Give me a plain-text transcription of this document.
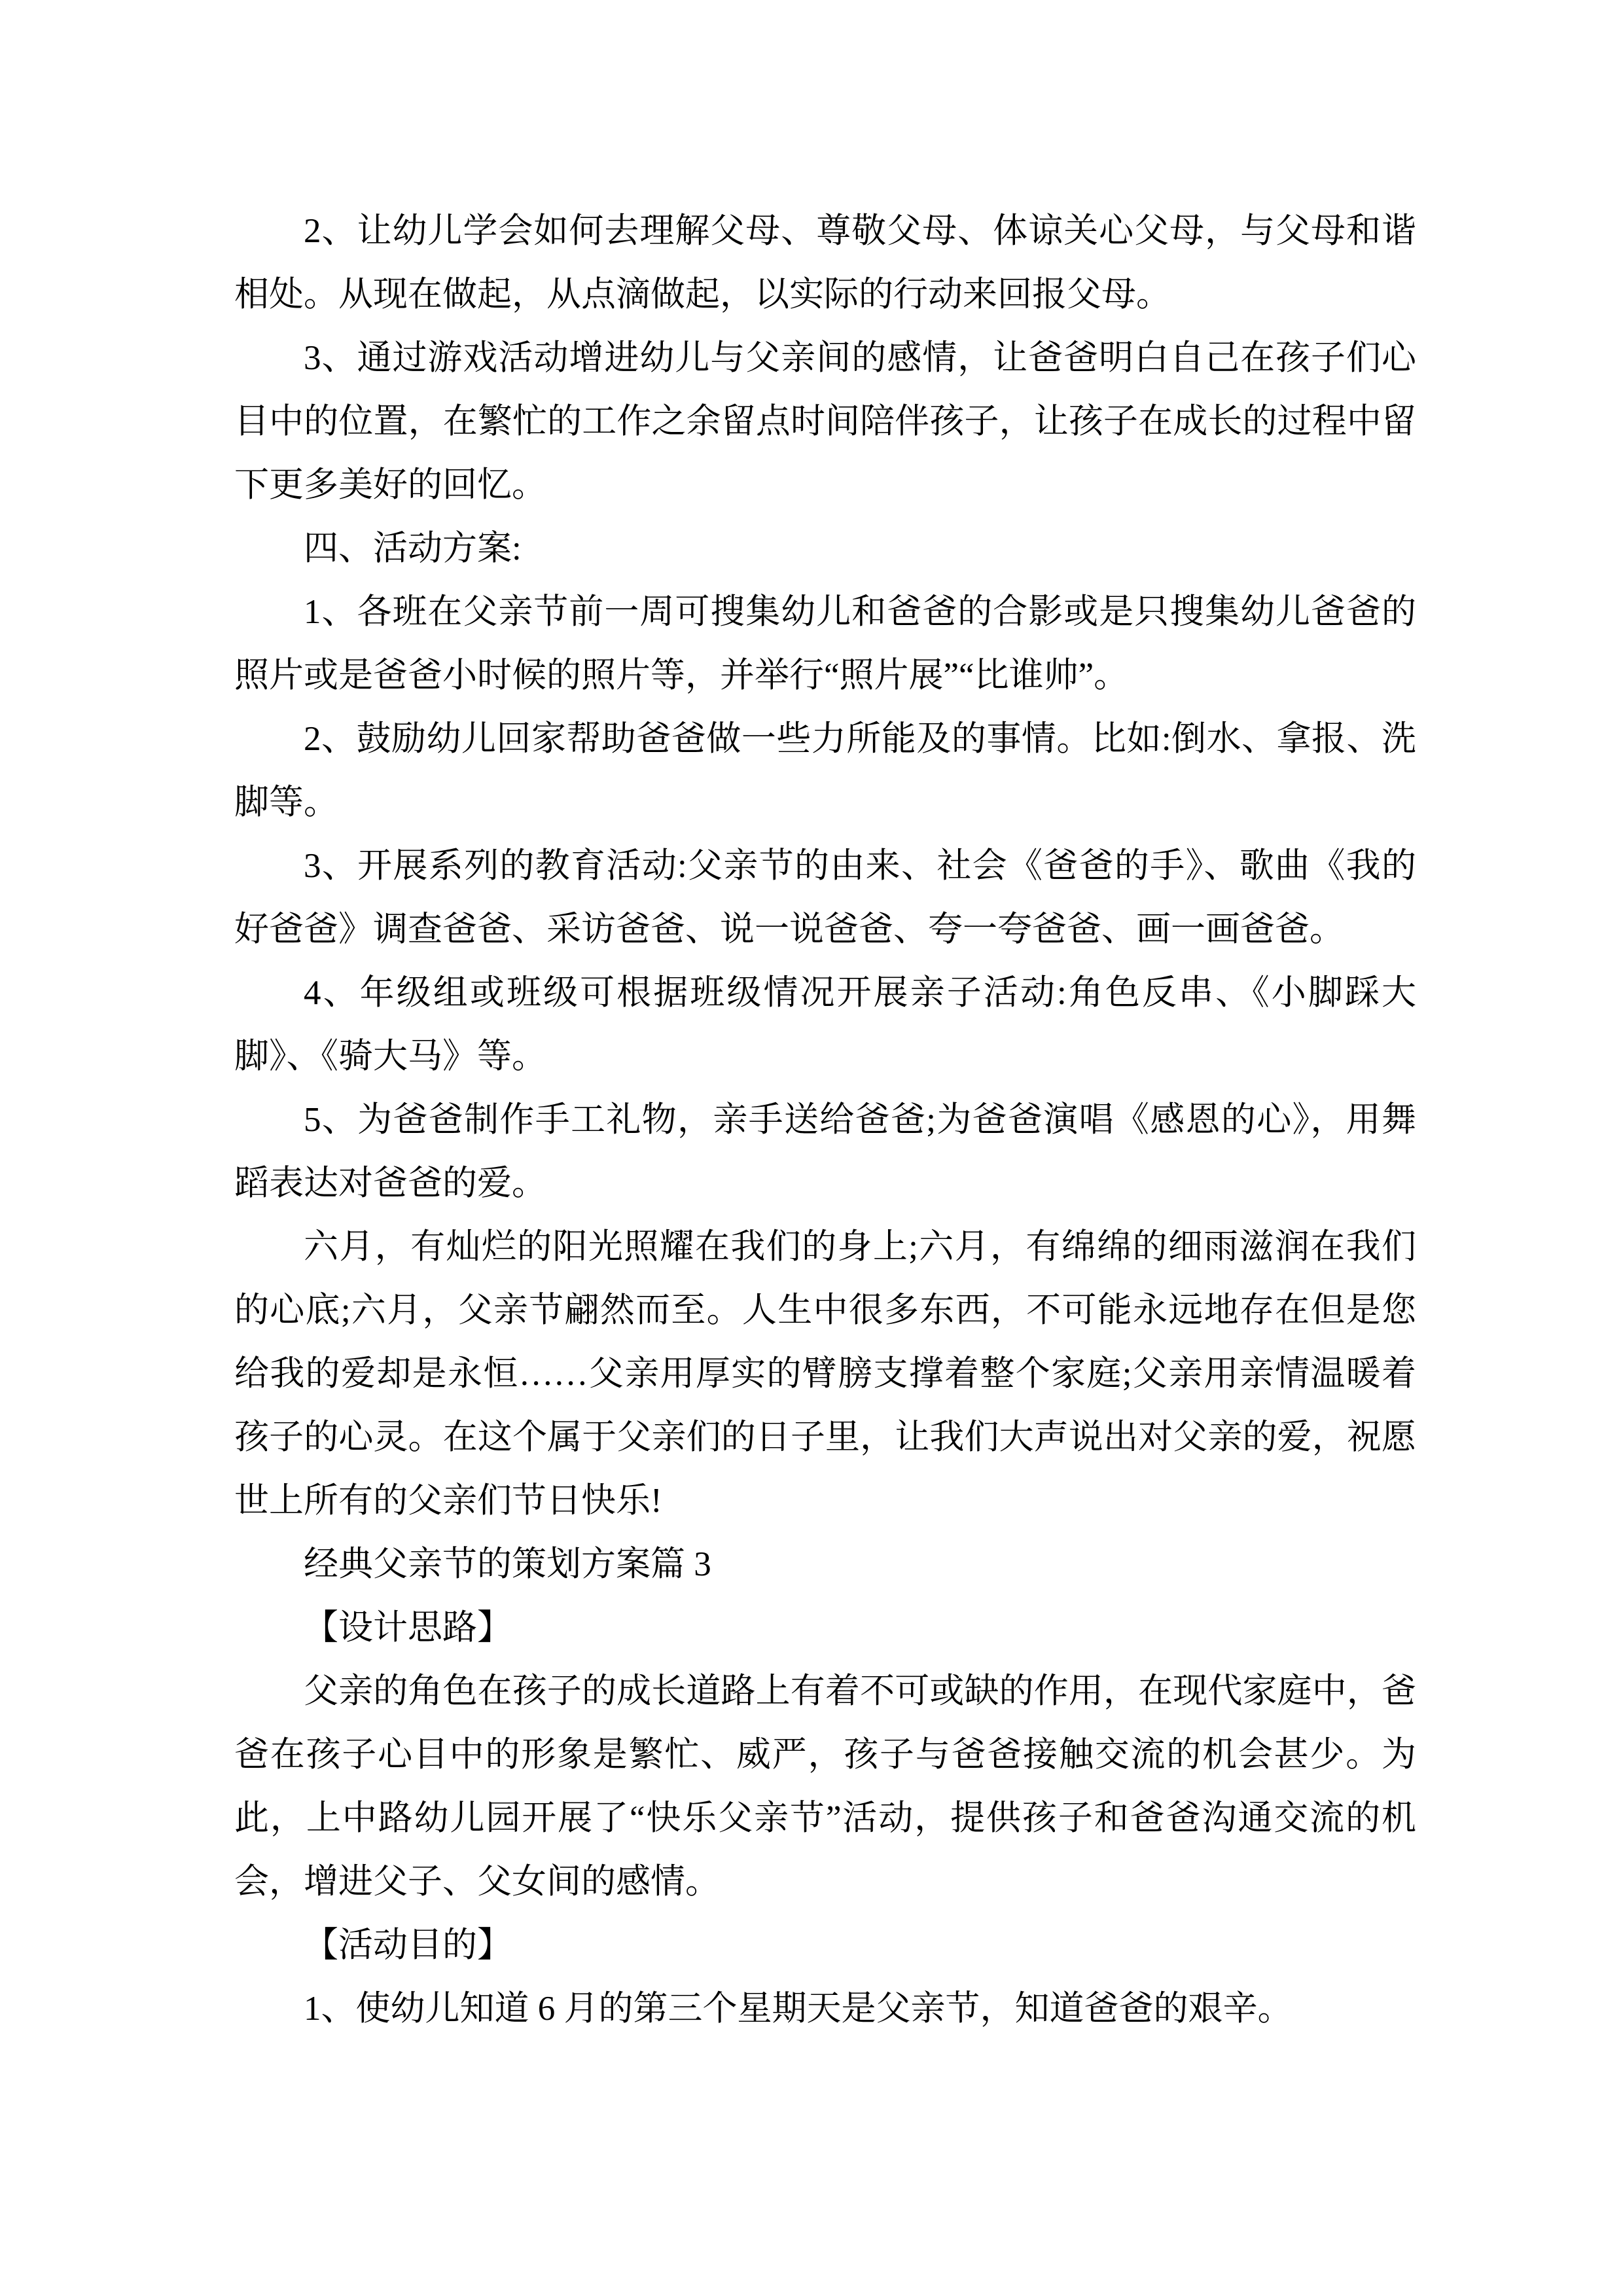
2、让幼儿学会如何去理解父母、尊敬父母、体谅关心父母，与父母和谐相处。从现在做起，从点滴做起，以实际的行动来回报父母。

3、通过游戏活动增进幼儿与父亲间的感情，让爸爸明白自己在孩子们心目中的位置，在繁忙的工作之余留点时间陪伴孩子，让孩子在成长的过程中留下更多美好的回忆。

四、活动方案:

1、各班在父亲节前一周可搜集幼儿和爸爸的合影或是只搜集幼儿爸爸的照片或是爸爸小时候的照片等，并举行“照片展”“比谁帅”。

2、鼓励幼儿回家帮助爸爸做一些力所能及的事情。比如:倒水、拿报、洗脚等。

3、开展系列的教育活动:父亲节的由来、社会《爸爸的手》、歌曲《我的好爸爸》调查爸爸、采访爸爸、说一说爸爸、夸一夸爸爸、画一画爸爸。

4、年级组或班级可根据班级情况开展亲子活动:角色反串、《小脚踩大脚》、《骑大马》等。

5、为爸爸制作手工礼物，亲手送给爸爸;为爸爸演唱《感恩的心》，用舞蹈表达对爸爸的爱。

六月，有灿烂的阳光照耀在我们的身上;六月，有绵绵的细雨滋润在我们的心底;六月，父亲节翩然而至。人生中很多东西，不可能永远地存在但是您给我的爱却是永恒……父亲用厚实的臂膀支撑着整个家庭;父亲用亲情温暖着孩子的心灵。在这个属于父亲们的日子里，让我们大声说出对父亲的爱，祝愿世上所有的父亲们节日快乐!

经典父亲节的策划方案篇 3

【设计思路】

父亲的角色在孩子的成长道路上有着不可或缺的作用，在现代家庭中，爸爸在孩子心目中的形象是繁忙、威严，孩子与爸爸接触交流的机会甚少。为此，上中路幼儿园开展了“快乐父亲节”活动，提供孩子和爸爸沟通交流的机会，增进父子、父女间的感情。

【活动目的】

1、使幼儿知道 6 月的第三个星期天是父亲节，知道爸爸的艰辛。
